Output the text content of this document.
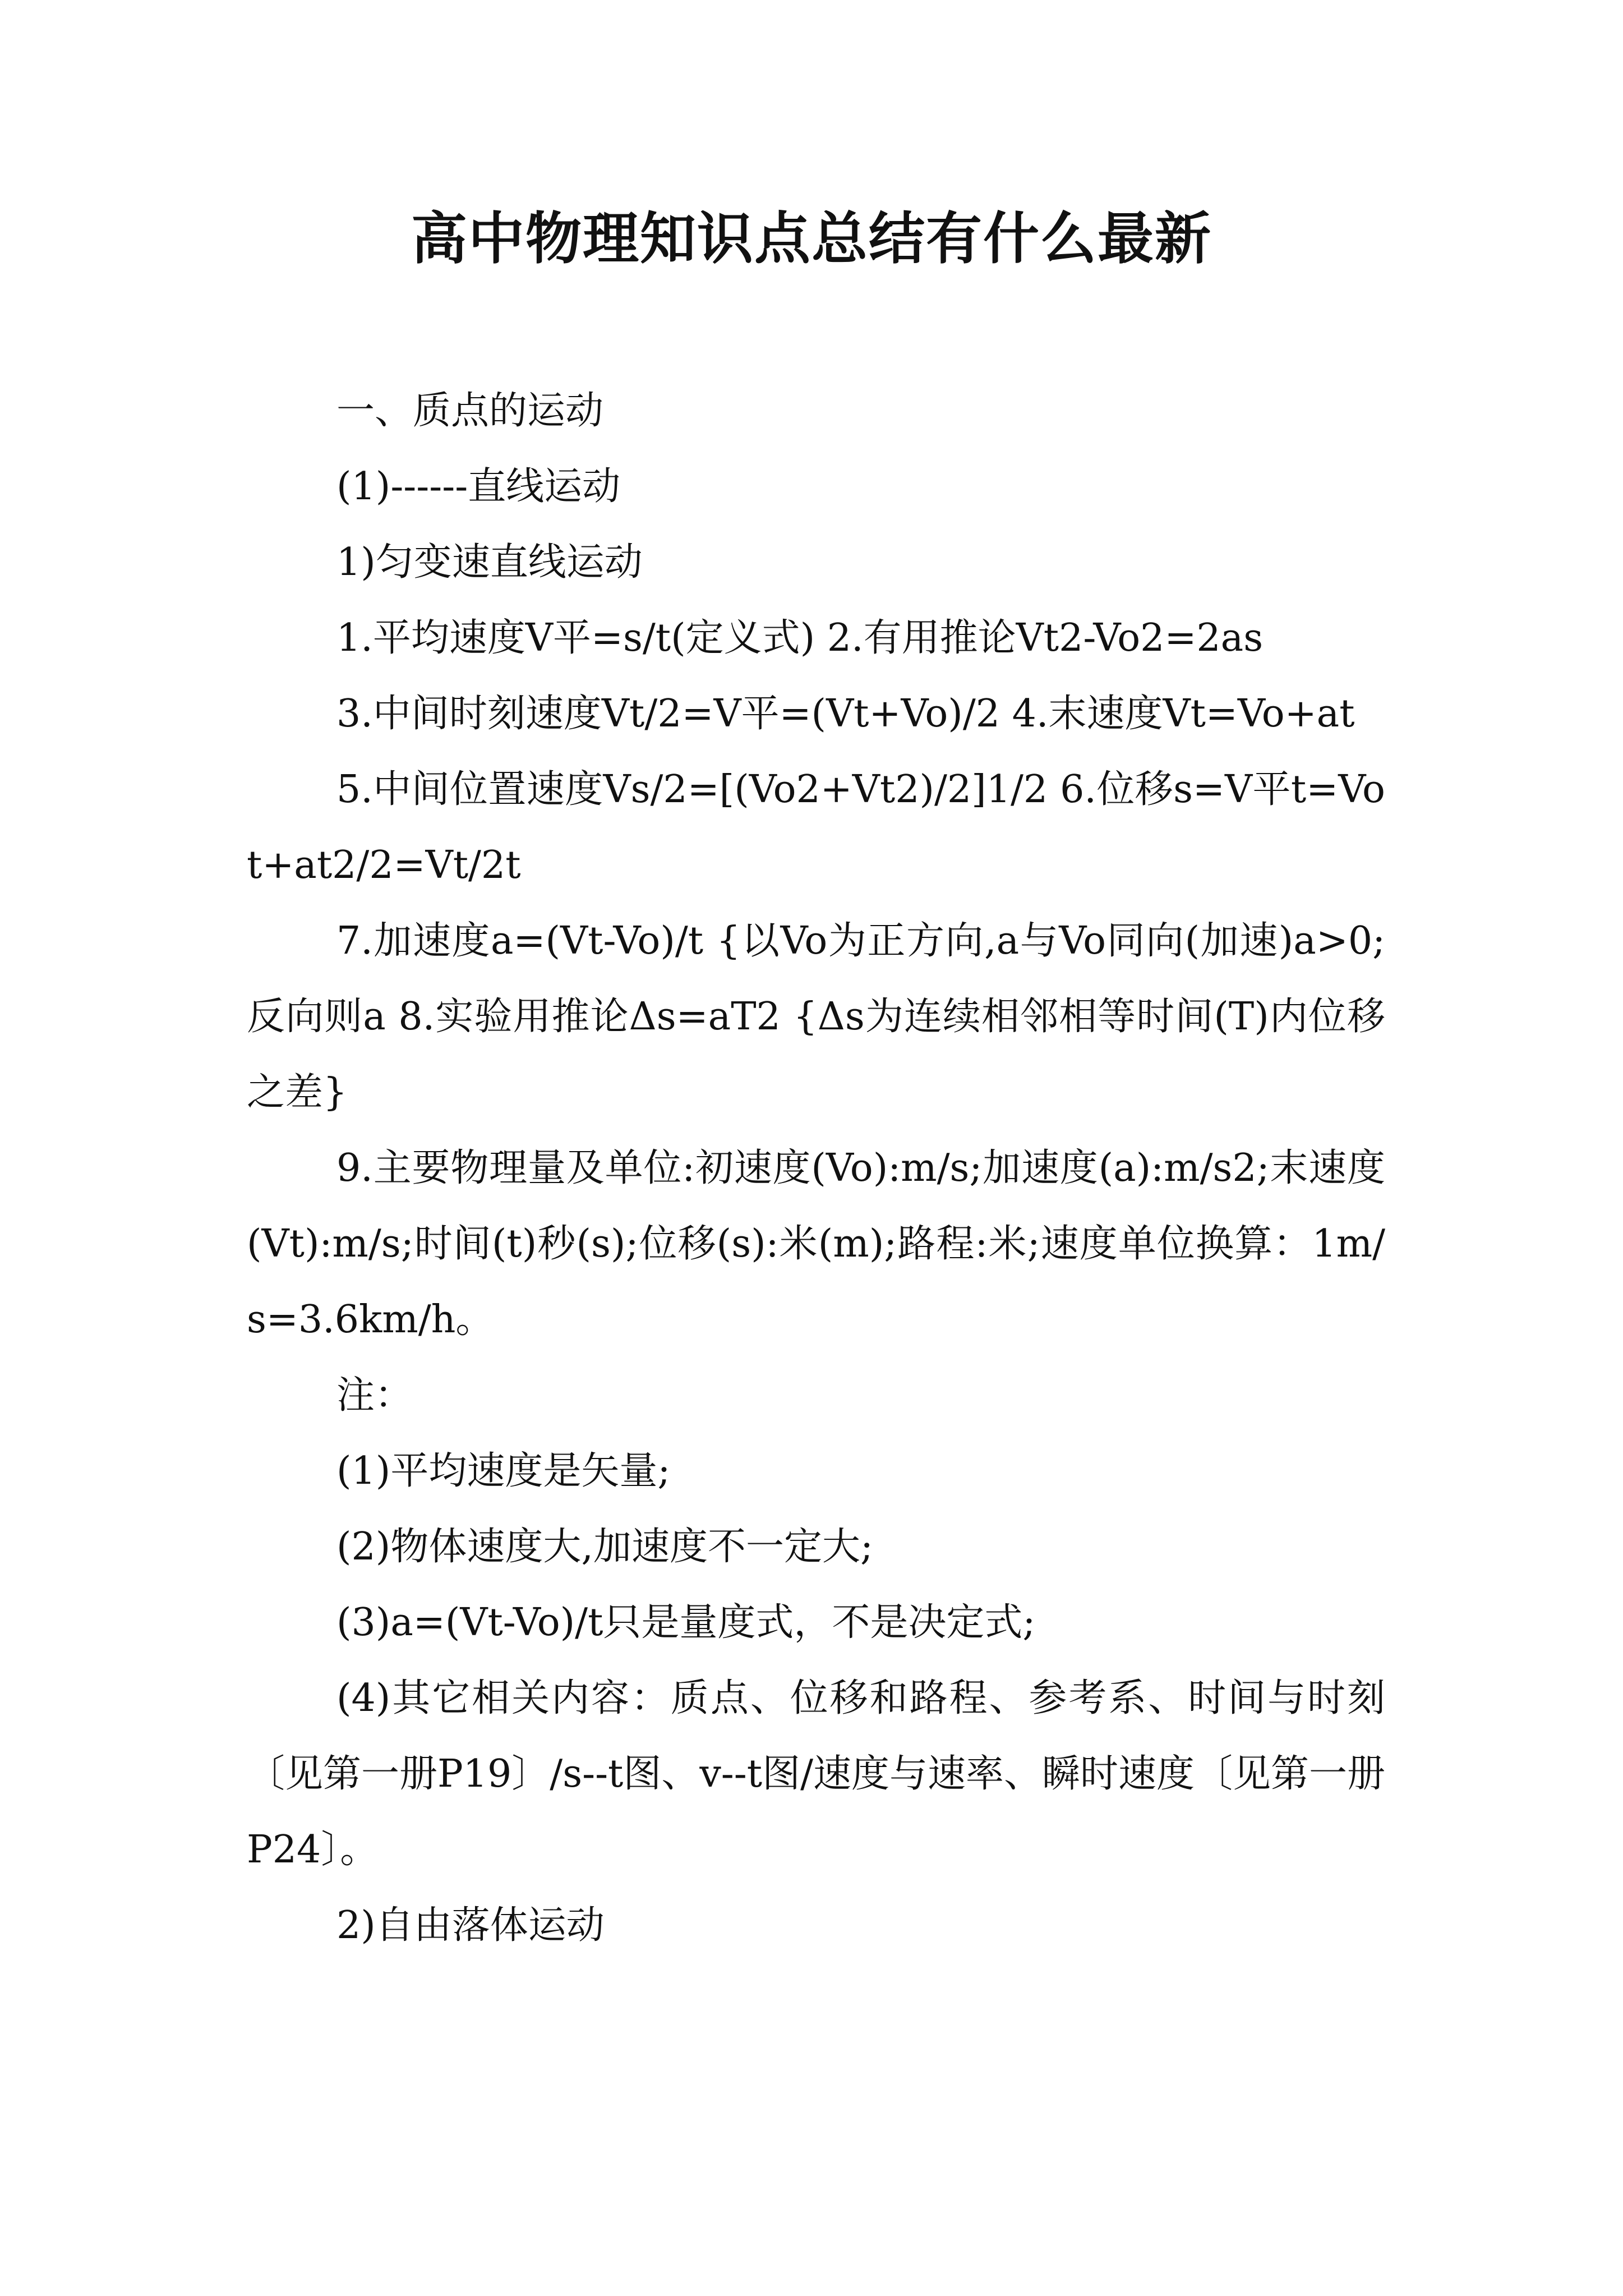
高中物理知识点总结有什么最新

一、质点的运动

(1)------直线运动

1)匀变速直线运动

1.平均速度V平=s/t(定义式) 2.有用推论Vt2-Vo2=2as

3.中间时刻速度Vt/2=V平=(Vt+Vo)/2 4.末速度Vt=Vo+at

5.中间位置速度Vs/2=[(Vo2+Vt2)/2]1/2 6.位移s=V平t=Vot+at2/2=Vt/2t

7.加速度a=(Vt-Vo)/t {以Vo为正方向,a与Vo同向(加速)a>0;反向则a 8.实验用推论Δs=aT2 {Δs为连续相邻相等时间(T)内位移之差}

9.主要物理量及单位:初速度(Vo):m/s;加速度(a):m/s2;末速度(Vt):m/s;时间(t)秒(s);位移(s):米(m);路程:米;速度单位换算：1m/s=3.6km/h。

注：

(1)平均速度是矢量;

(2)物体速度大,加速度不一定大;

(3)a=(Vt-Vo)/t只是量度式，不是决定式;

(4)其它相关内容：质点、位移和路程、参考系、时间与时刻〔见第一册P19〕/s--t图、v--t图/速度与速率、瞬时速度〔见第一册P24〕。

2)自由落体运动
